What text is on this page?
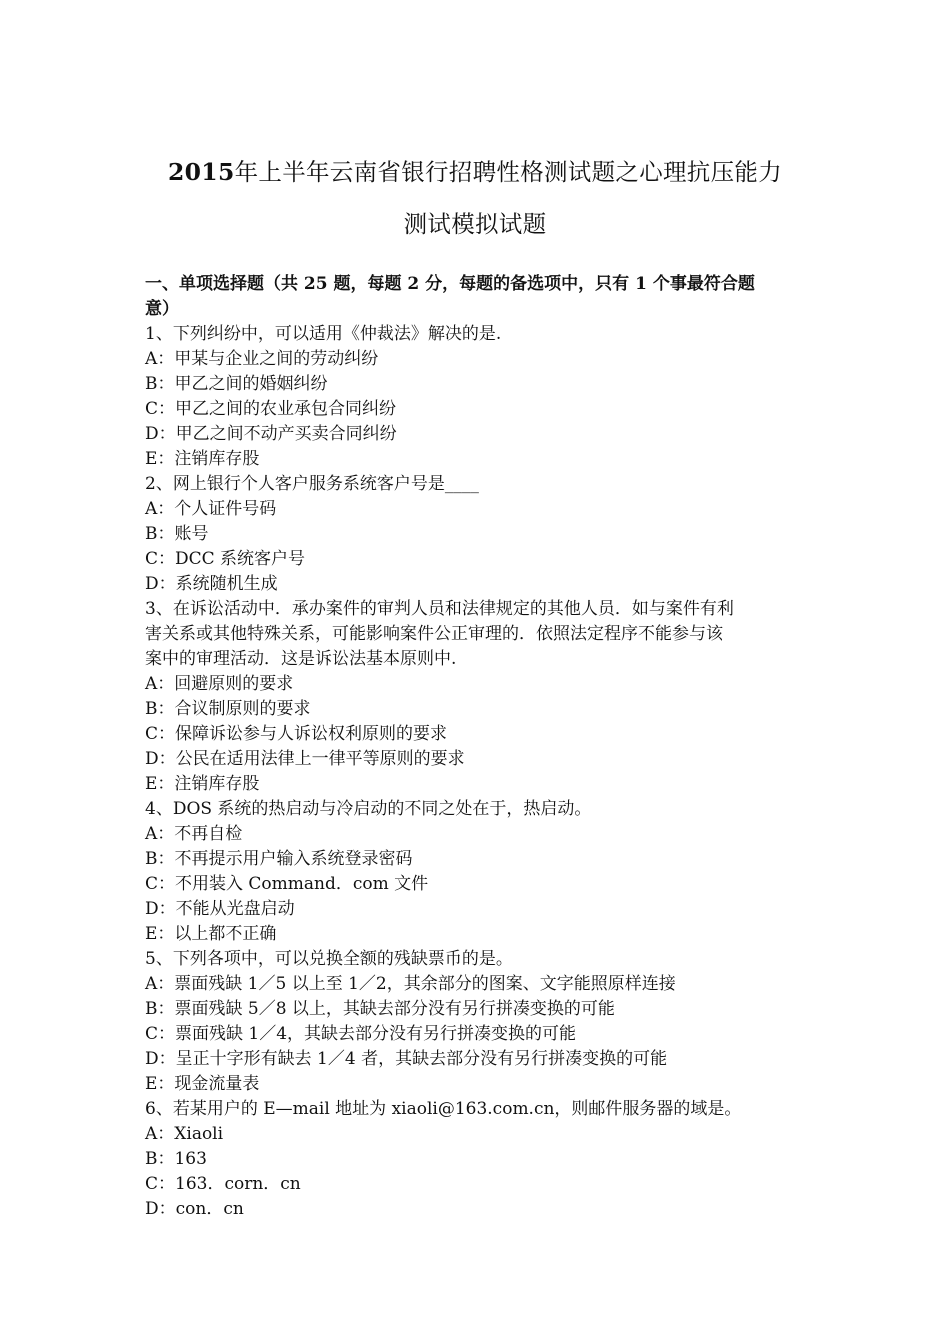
2015年上半年云南省银行招聘性格测试题之心理抗压能力
测试模拟试题
一、单项选择题（共 25 题，每题 2 分，每题的备选项中，只有 1 个事最符合题
意）
1、下列纠纷中，可以适用《仲裁法》解决的是.
A：甲某与企业之间的劳动纠纷
B：甲乙之间的婚姻纠纷
C：甲乙之间的农业承包合同纠纷
D：甲乙之间不动产买卖合同纠纷
E：注销库存股
2、网上银行个人客户服务系统客户号是____
A：个人证件号码
B：账号
C：DCC 系统客户号
D：系统随机生成
3、在诉讼活动中．承办案件的审判人员和法律规定的其他人员．如与案件有利
害关系或其他特殊关系，可能影响案件公正审理的．依照法定程序不能参与该
案中的审理活动．这是诉讼法基本原则中.
A：回避原则的要求
B：合议制原则的要求
C：保障诉讼参与人诉讼权利原则的要求
D：公民在适用法律上一律平等原则的要求
E：注销库存股
4、DOS 系统的热启动与冷启动的不同之处在于，热启动。
A：不再自检
B：不再提示用户输入系统登录密码
C：不用装入 Command．com 文件
D：不能从光盘启动
E：以上都不正确
5、下列各项中，可以兑换全额的残缺票币的是。
A：票面残缺 1／5 以上至 1／2，其余部分的图案、文字能照原样连接
B：票面残缺 5／8 以上，其缺去部分没有另行拼凑变换的可能
C：票面残缺 1／4，其缺去部分没有另行拼凑变换的可能
D：呈正十字形有缺去 1／4 者，其缺去部分没有另行拼凑变换的可能
E：现金流量表
6、若某用户的 E—mail 地址为 xiaoli@163.com.cn，则邮件服务器的域是。
A：Xiaoli
B：163
C：163．corn．cn
D：con．cn
